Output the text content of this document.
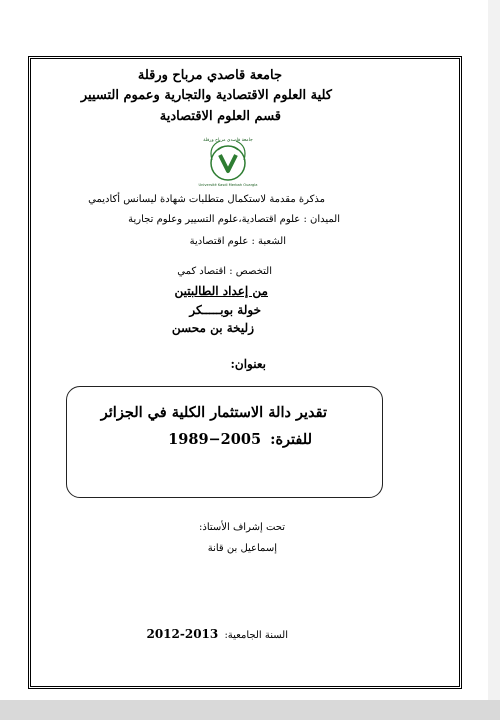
جامعة قاصدي مرباح ورقلة
كلية العلوم الاقتصادية والتجارية وعموم التسيير
قسم العلوم الاقتصادية
جامعة قاصدي مرباح ورقلة
Université Kasdi Merbah Ouargla
مذكرة مقدمة لاستكمال متطلبات شهادة ليسانس أكاديمي
الميدان : علوم اقتصادية،علوم التسيير وعلوم تجارية
الشعبة : علوم اقتصادية
التخصص : اقتصاد كمي
من إعداد الطالبتين
خولة بوبـــــكر
زليخة بن محسن
بعنوان:
تقدير دالة الاستثمار الكلية في الجزائر
للفترة: 1989−2005
تحت إشراف الأستاذ:
إسماعيل بن قانة
السنة الجامعية: 2012-2013
